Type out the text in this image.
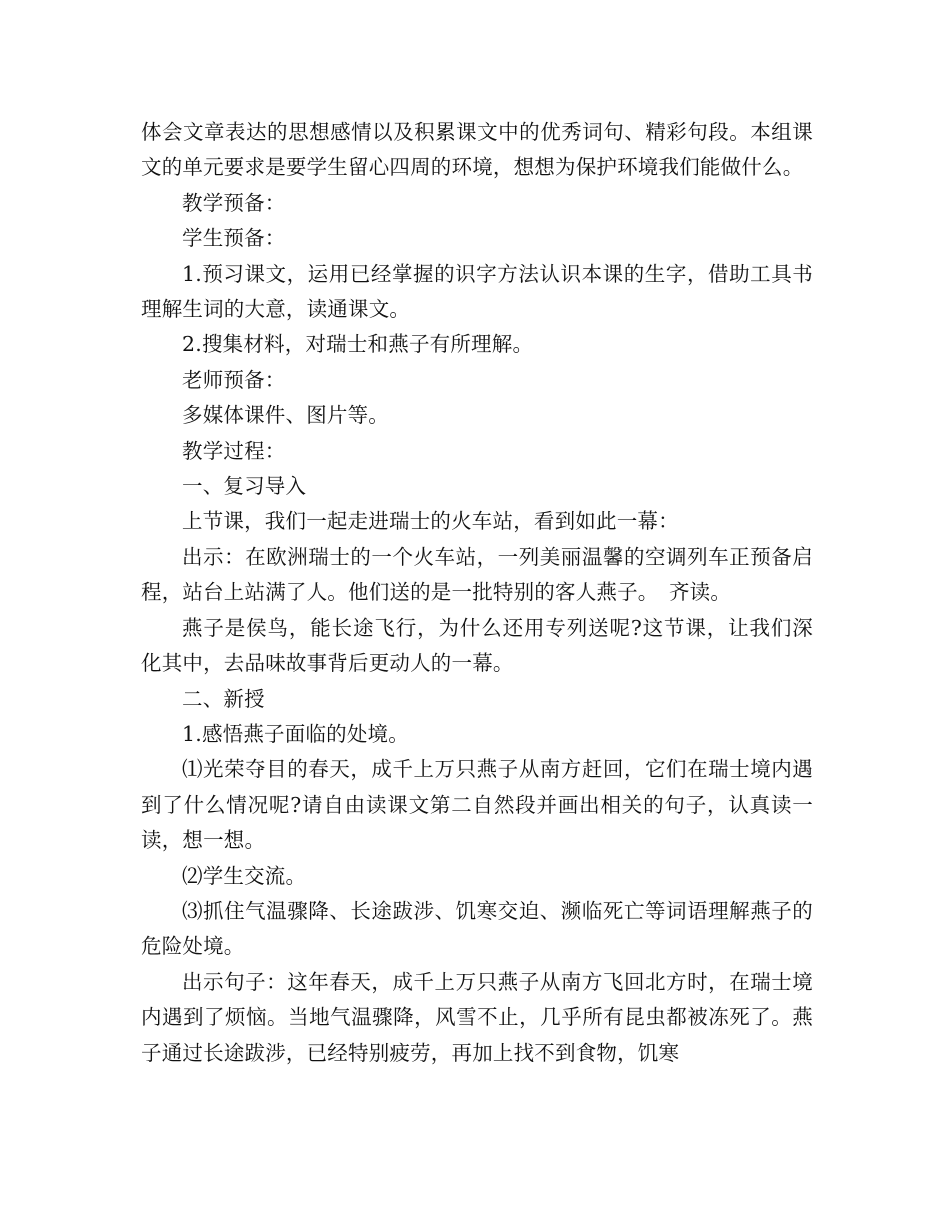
体会文章表达的思想感情以及积累课文中的优秀词句、精彩句段。本组课文的单元要求是要学生留心四周的环境，想想为保护环境我们能做什么。

教学预备：

学生预备：

1.预习课文，运用已经掌握的识字方法认识本课的生字，借助工具书理解生词的大意，读通课文。

2.搜集材料，对瑞士和燕子有所理解。

老师预备：

多媒体课件、图片等。

教学过程：

一、复习导入

上节课，我们一起走进瑞士的火车站，看到如此一幕：

出示：在欧洲瑞士的一个火车站，一列美丽温馨的空调列车正预备启程，站台上站满了人。他们送的是一批特别的客人燕子。　齐读。

燕子是侯鸟，能长途飞行，为什么还用专列送呢?这节课，让我们深化其中，去品味故事背后更动人的一幕。

二、新授

1.感悟燕子面临的处境。

⑴光荣夺目的春天，成千上万只燕子从南方赶回，它们在瑞士境内遇到了什么情况呢?请自由读课文第二自然段并画出相关的句子，认真读一读，想一想。

⑵学生交流。

⑶抓住气温骤降、长途跋涉、饥寒交迫、濒临死亡等词语理解燕子的危险处境。

出示句子：这年春天，成千上万只燕子从南方飞回北方时，在瑞士境内遇到了烦恼。当地气温骤降，风雪不止，几乎所有昆虫都被冻死了。燕子通过长途跋涉，已经特别疲劳，再加上找不到食物，饥寒
